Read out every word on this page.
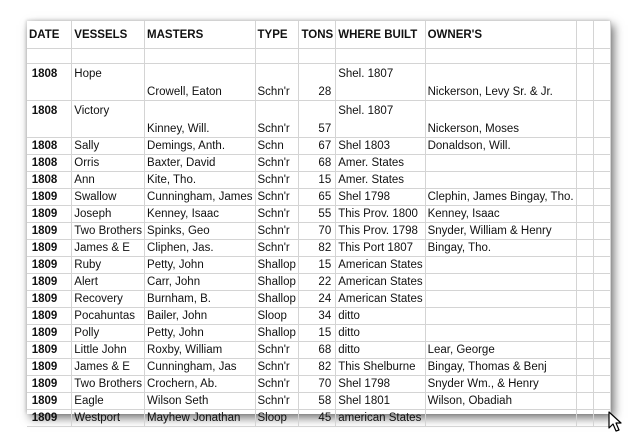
DATE	VESSELS	MASTERS	TYPE	TONS	WHERE BUILT	OWNER'S		

1808	Hope	Crowell, Eaton	Schn'r	28	Shel. 1807	Nickerson, Levy Sr. & Jr.		
1808	Victory	Kinney, Will.	Schn'r	57	Shel. 1807	Nickerson, Moses		
1808	Sally	Demings, Anth.	Schn	67	Shel 1803	Donaldson, Will.		
1808	Orris	Baxter, David	Schn'r	68	Amer. States			
1808	Ann	Kite, Tho.	Schn'r	15	Amer. States			
1809	Swallow	Cunningham, James	Schn'r	65	Shel 1798	Clephin, James Bingay, Tho.		
1809	Joseph	Kenney, Isaac	Schn'r	55	This Prov. 1800	Kenney, Isaac		
1809	Two Brothers	Spinks, Geo	Schn'r	70	This Prov. 1798	Snyder, William & Henry		
1809	James & E	Cliphen, Jas.	Schn'r	82	This Port 1807	Bingay, Tho.		
1809	Ruby	Petty, John	Shallop	15	American States			
1809	Alert	Carr, John	Shallop	22	American States			
1809	Recovery	Burnham, B.	Shallop	24	American States			
1809	Pocahuntas	Bailer, John	Sloop	34	ditto			
1809	Polly	Petty, John	Shallop	15	ditto			
1809	Little John	Roxby, William	Schn'r	68	ditto	Lear, George		
1809	James & E	Cunningham, Jas	Schn'r	82	This Shelburne	Bingay, Thomas & Benj		
1809	Two Brothers	Crochern, Ab.	Schn'r	70	Shel 1798	Snyder Wm., & Henry		
1809	Eagle	Wilson Seth	Schn'r	58	Shel 1801	Wilson, Obadiah		
1809	Westport	Mayhew Jonathan	Sloop	45	american States			
